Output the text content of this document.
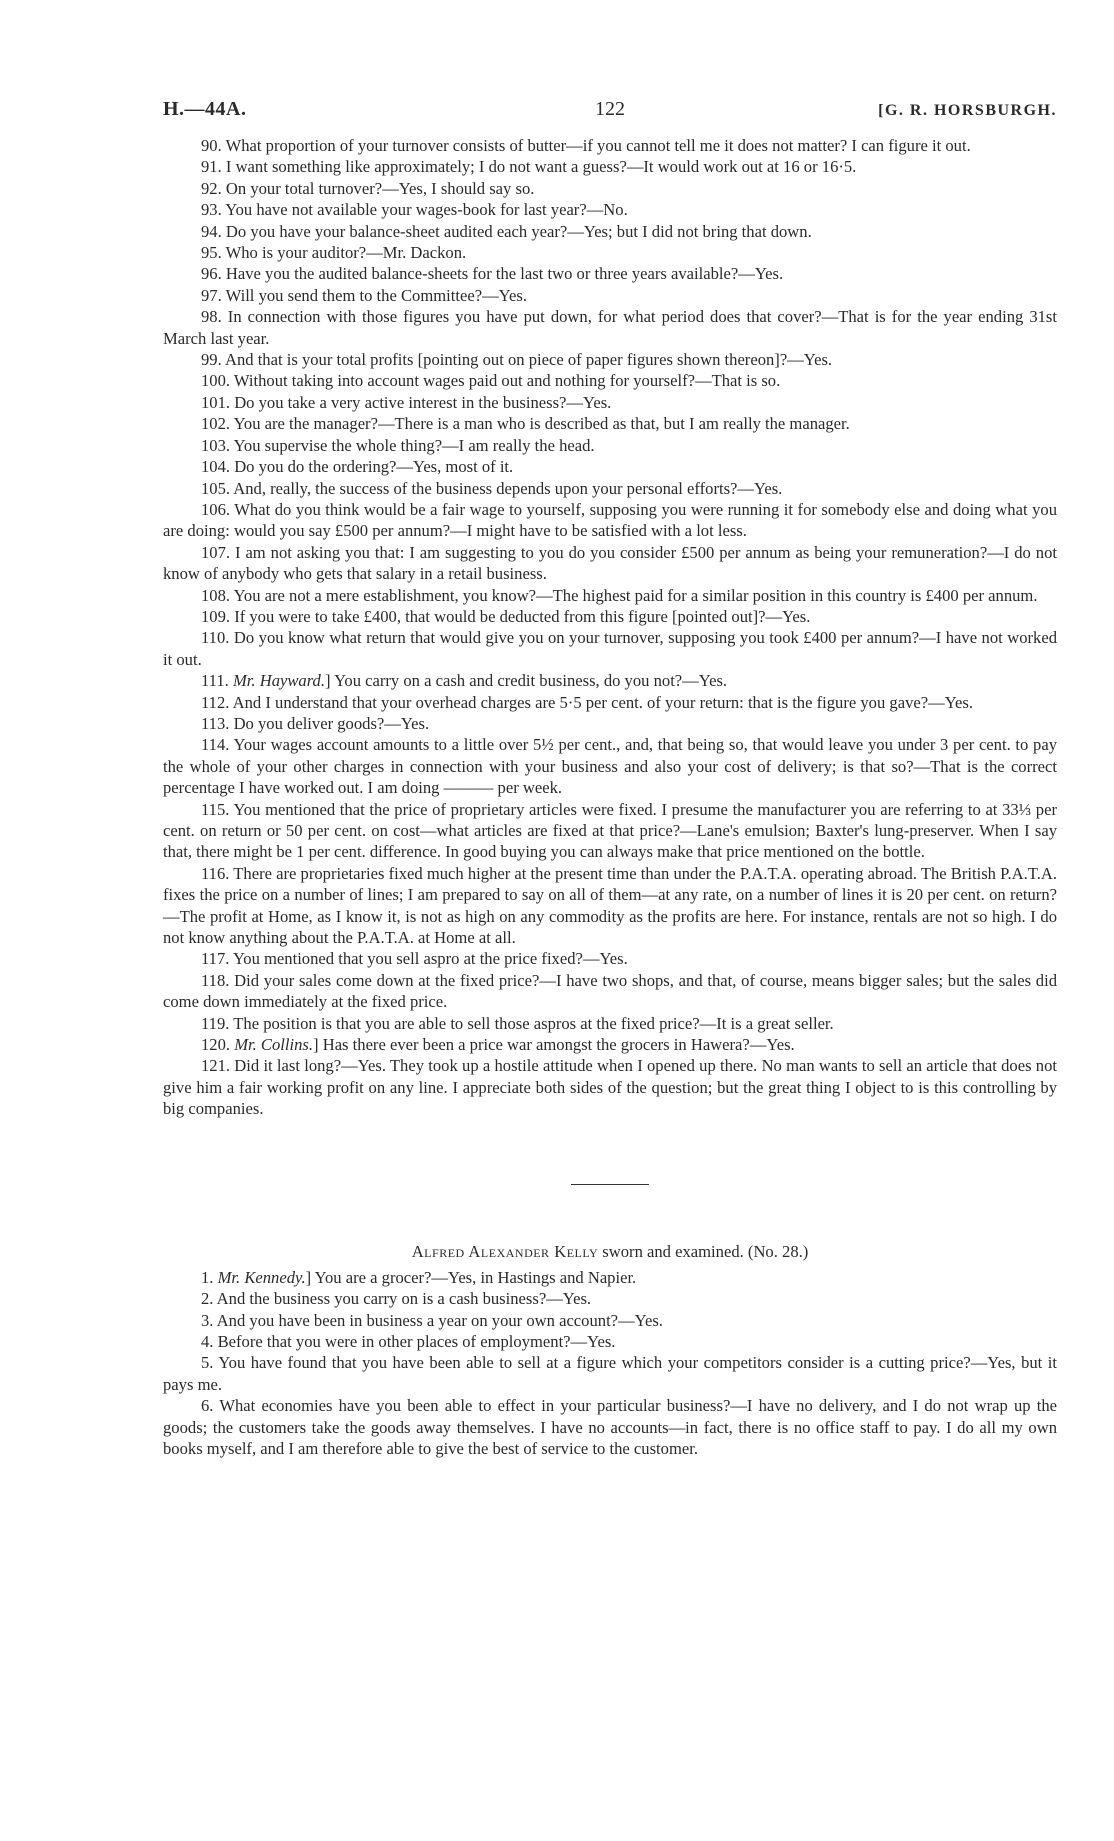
H.—44A.	122	[G. R. HORSBURGH.

90. What proportion of your turnover consists of butter—if you cannot tell me it does not matter? I can figure it out.

91. I want something like approximately; I do not want a guess?—It would work out at 16 or 16·5.

92. On your total turnover?—Yes, I should say so.

93. You have not available your wages-book for last year?—No.

94. Do you have your balance-sheet audited each year?—Yes; but I did not bring that down.

95. Who is your auditor?—Mr. Dackon.

96. Have you the audited balance-sheets for the last two or three years available?—Yes.

97. Will you send them to the Committee?—Yes.

98. In connection with those figures you have put down, for what period does that cover?—That is for the year ending 31st March last year.

99. And that is your total profits [pointing out on piece of paper figures shown thereon]?—Yes.

100. Without taking into account wages paid out and nothing for yourself?—That is so.

101. Do you take a very active interest in the business?—Yes.

102. You are the manager?—There is a man who is described as that, but I am really the manager.

103. You supervise the whole thing?—I am really the head.

104. Do you do the ordering?—Yes, most of it.

105. And, really, the success of the business depends upon your personal efforts?—Yes.

106. What do you think would be a fair wage to yourself, supposing you were running it for somebody else and doing what you are doing: would you say £500 per annum?—I might have to be satisfied with a lot less.

107. I am not asking you that: I am suggesting to you do you consider £500 per annum as being your remuneration?—I do not know of anybody who gets that salary in a retail business.

108. You are not a mere establishment, you know?—The highest paid for a similar position in this country is £400 per annum.

109. If you were to take £400, that would be deducted from this figure [pointed out]?—Yes.

110. Do you know what return that would give you on your turnover, supposing you took £400 per annum?—I have not worked it out.

111. Mr. Hayward.] You carry on a cash and credit business, do you not?—Yes.

112. And I understand that your overhead charges are 5·5 per cent. of your return: that is the figure you gave?—Yes.

113. Do you deliver goods?—Yes.

114. Your wages account amounts to a little over 5½ per cent., and, that being so, that would leave you under 3 per cent. to pay the whole of your other charges in connection with your business and also your cost of delivery; is that so?—That is the correct percentage I have worked out. I am doing ——— per week.

115. You mentioned that the price of proprietary articles were fixed. I presume the manufacturer you are referring to at 33⅓ per cent. on return or 50 per cent. on cost—what articles are fixed at that price?—Lane's emulsion; Baxter's lung-preserver. When I say that, there might be 1 per cent. difference. In good buying you can always make that price mentioned on the bottle.

116. There are proprietaries fixed much higher at the present time than under the P.A.T.A. operating abroad. The British P.A.T.A. fixes the price on a number of lines; I am prepared to say on all of them—at any rate, on a number of lines it is 20 per cent. on return?—The profit at Home, as I know it, is not as high on any commodity as the profits are here. For instance, rentals are not so high. I do not know anything about the P.A.T.A. at Home at all.

117. You mentioned that you sell aspro at the price fixed?—Yes.

118. Did your sales come down at the fixed price?—I have two shops, and that, of course, means bigger sales; but the sales did come down immediately at the fixed price.

119. The position is that you are able to sell those aspros at the fixed price?—It is a great seller.

120. Mr. Collins.] Has there ever been a price war amongst the grocers in Hawera?—Yes.

121. Did it last long?—Yes. They took up a hostile attitude when I opened up there. No man wants to sell an article that does not give him a fair working profit on any line. I appreciate both sides of the question; but the great thing I object to is this controlling by big companies.

Alfred Alexander Kelly sworn and examined. (No. 28.)

1. Mr. Kennedy.] You are a grocer?—Yes, in Hastings and Napier.

2. And the business you carry on is a cash business?—Yes.

3. And you have been in business a year on your own account?—Yes.

4. Before that you were in other places of employment?—Yes.

5. You have found that you have been able to sell at a figure which your competitors consider is a cutting price?—Yes, but it pays me.

6. What economies have you been able to effect in your particular business?—I have no delivery, and I do not wrap up the goods; the customers take the goods away themselves. I have no accounts—in fact, there is no office staff to pay. I do all my own books myself, and I am therefore able to give the best of service to the customer.
